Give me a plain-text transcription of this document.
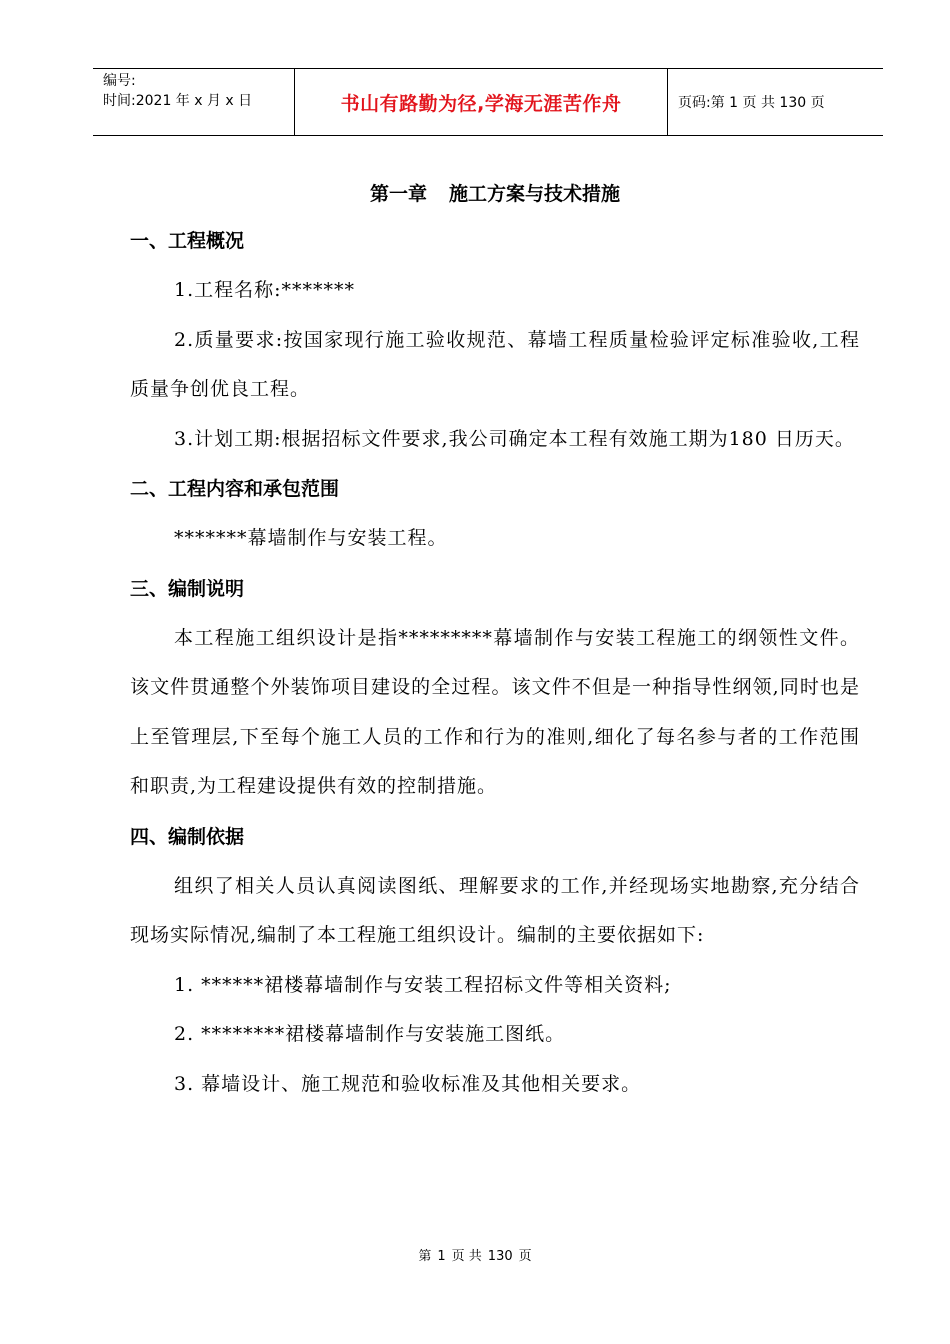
编号:
时间:2021 年 x 月 x 日	书山有路勤为径,学海无涯苦作舟	页码:第 1 页 共 130 页
第一章 施工方案与技术措施
一、工程概况
1.工程名称:*******
2.质量要求:按国家现行施工验收规范、幕墙工程质量检验评定标准验收,工程质量争创优良工程。
3.计划工期:根据招标文件要求,我公司确定本工程有效施工期为180 日历天。
二、工程内容和承包范围
*******幕墙制作与安装工程。
三、编制说明
本工程施工组织设计是指*********幕墙制作与安装工程施工的纲领性文件。该文件贯通整个外装饰项目建设的全过程。该文件不但是一种指导性纲领,同时也是上至管理层,下至每个施工人员的工作和行为的准则,细化了每名参与者的工作范围和职责,为工程建设提供有效的控制措施。
四、编制依据
组织了相关人员认真阅读图纸、理解要求的工作,并经现场实地勘察,充分结合现场实际情况,编制了本工程施工组织设计。编制的主要依据如下:
1. ******裙楼幕墙制作与安装工程招标文件等相关资料;
2. ********裙楼幕墙制作与安装施工图纸。
3. 幕墙设计、施工规范和验收标准及其他相关要求。
第 1 页 共 130 页
